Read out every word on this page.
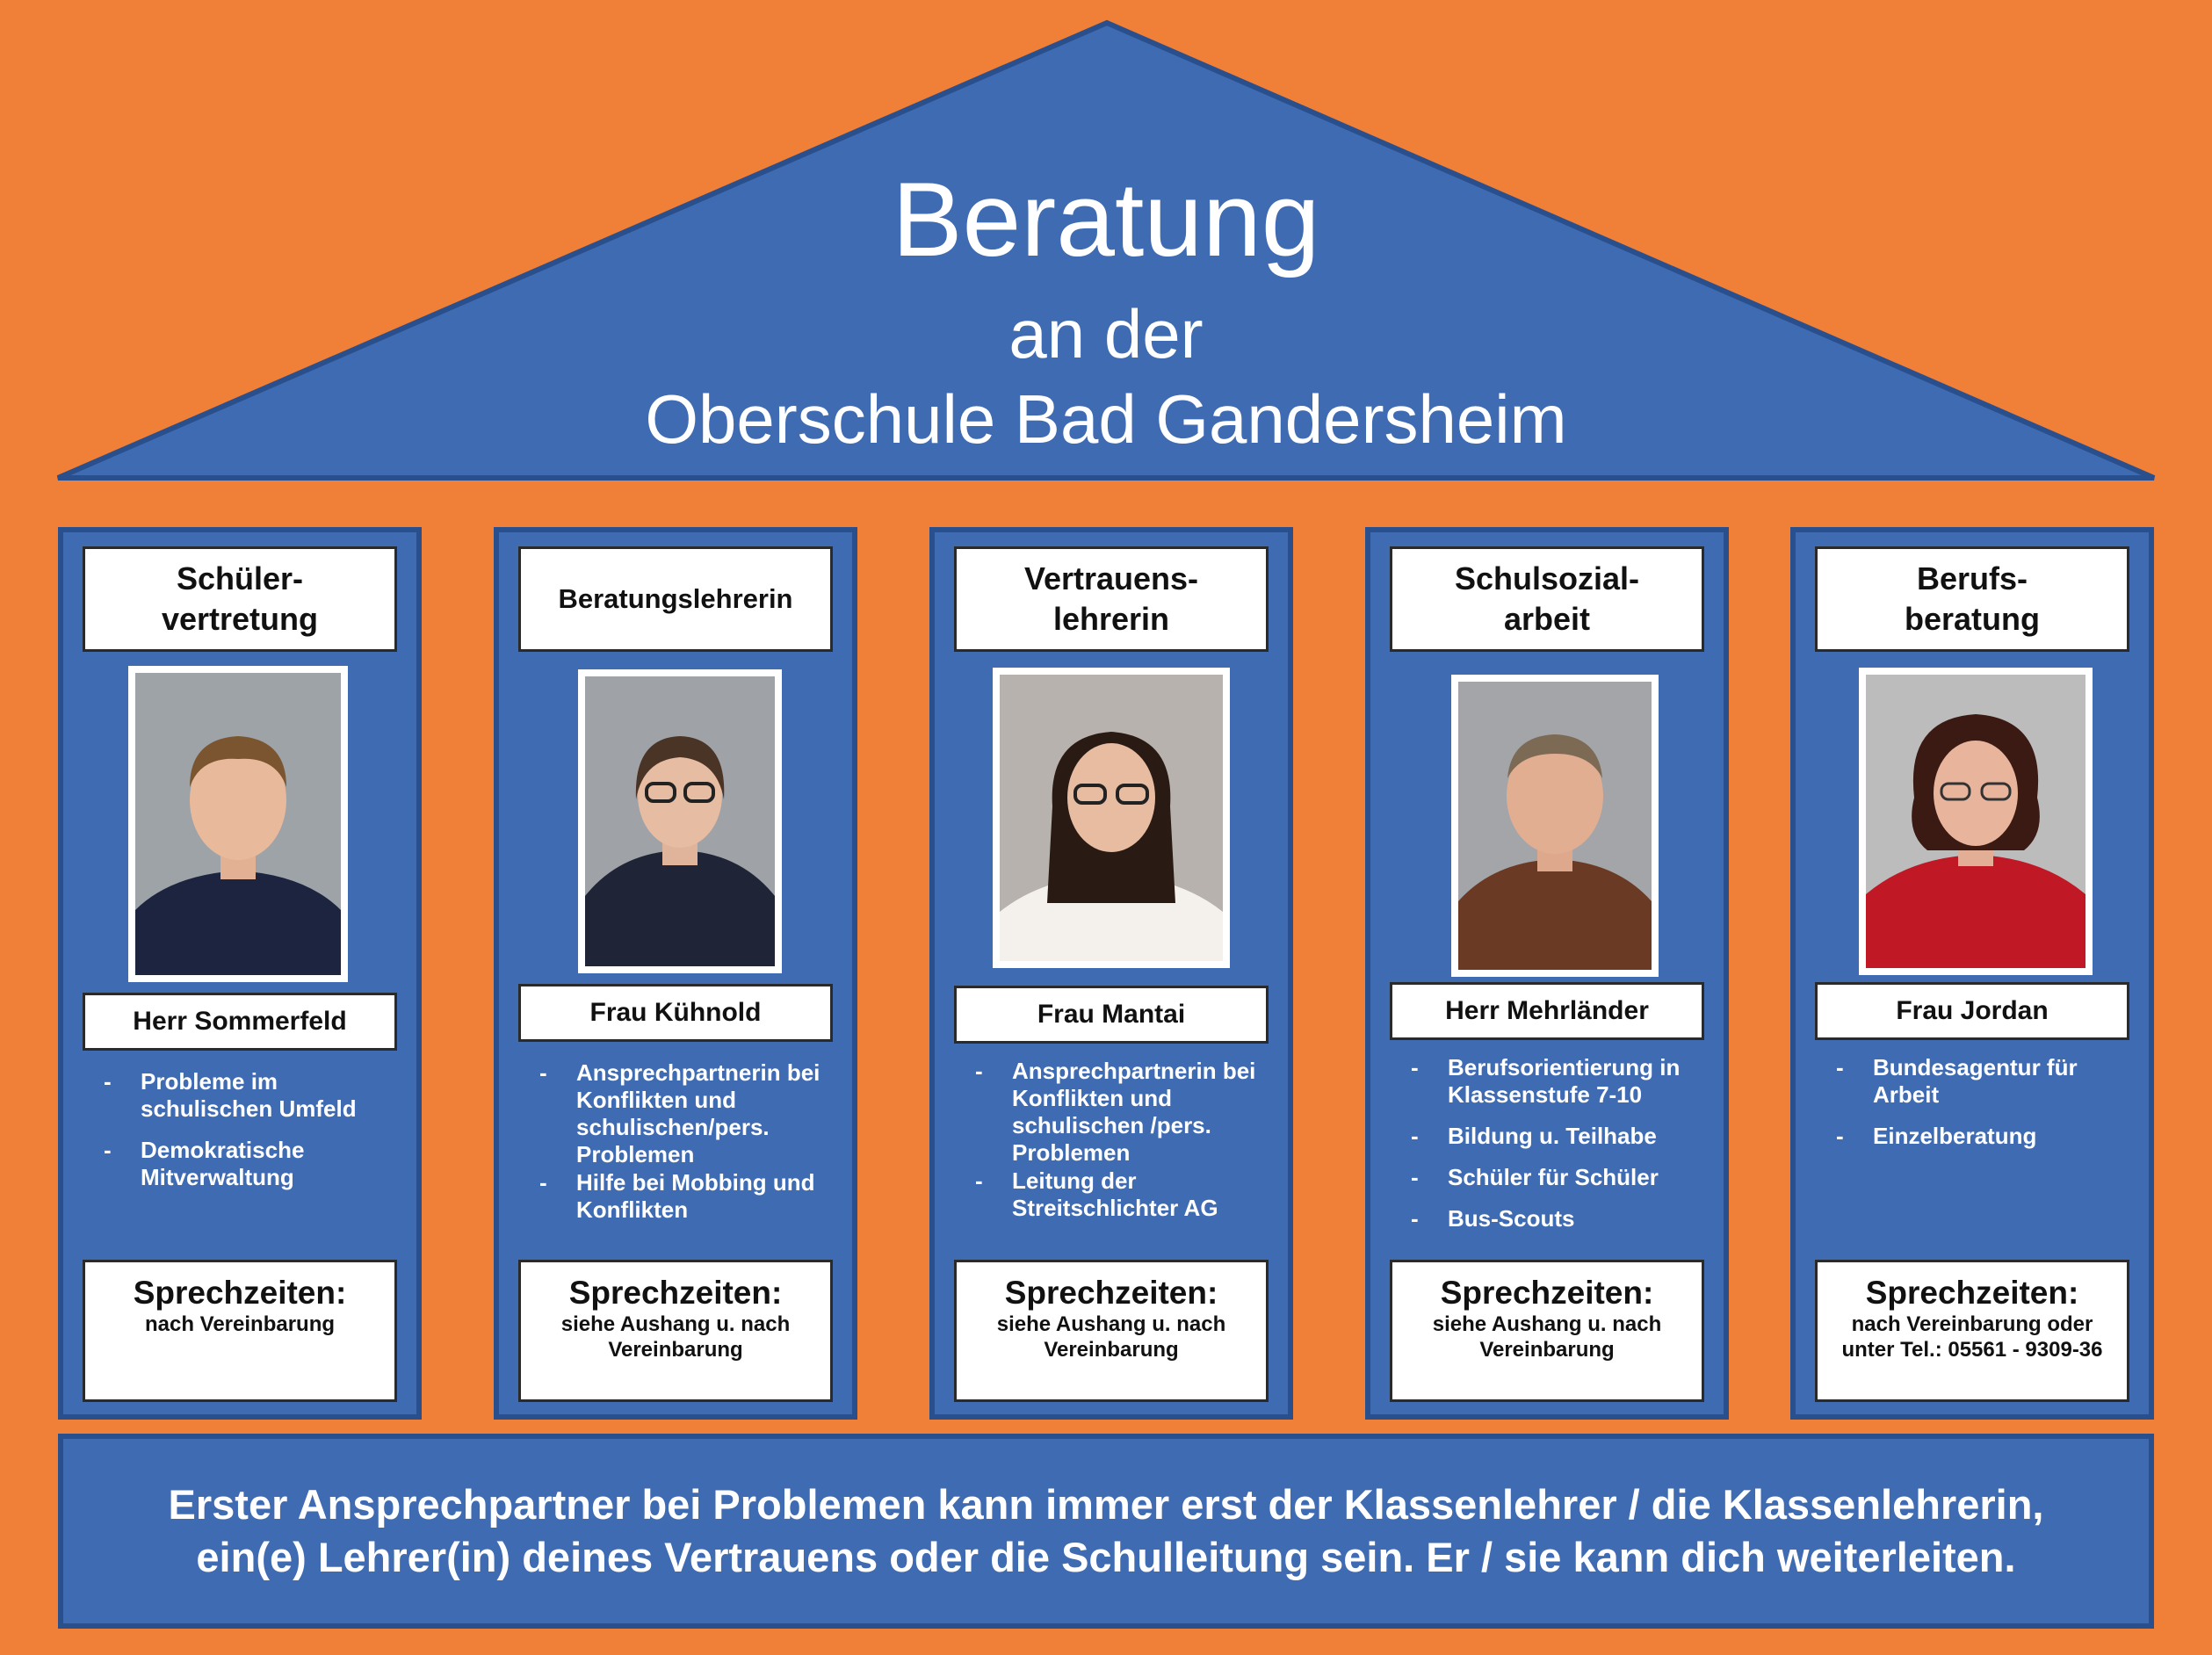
Beratung
an der
Oberschule Bad Gandersheim
Schüler-
vertretung
Herr Sommerfeld
- Probleme im schulischen Umfeld
- Demokratische Mitverwaltung
Sprechzeiten:
nach Vereinbarung
Beratungslehrerin
Frau Kühnold
- Ansprechpartnerin bei Konflikten und schulischen/pers. Problemen
- Hilfe bei Mobbing und Konflikten
Sprechzeiten:
siehe Aushang u. nach Vereinbarung
Vertrauens-
lehrerin
Frau Mantai
- Ansprechpartnerin bei Konflikten und schulischen /pers. Problemen
- Leitung der Streitschlichter AG
Sprechzeiten:
siehe Aushang u. nach Vereinbarung
Schulsozial-
arbeit
Herr Mehrländer
- Berufsorientierung in Klassenstufe 7-10
- Bildung u. Teilhabe
- Schüler für Schüler
- Bus-Scouts
Sprechzeiten:
siehe Aushang u. nach Vereinbarung
Berufs-
beratung
Frau Jordan
- Bundesagentur für Arbeit
- Einzelberatung
Sprechzeiten:
nach Vereinbarung oder unter Tel.: 05561 - 9309-36
Erster Ansprechpartner bei Problemen kann immer erst der Klassenlehrer / die Klassenlehrerin,
ein(e) Lehrer(in) deines Vertrauens oder die Schulleitung sein. Er / sie kann dich weiterleiten.
